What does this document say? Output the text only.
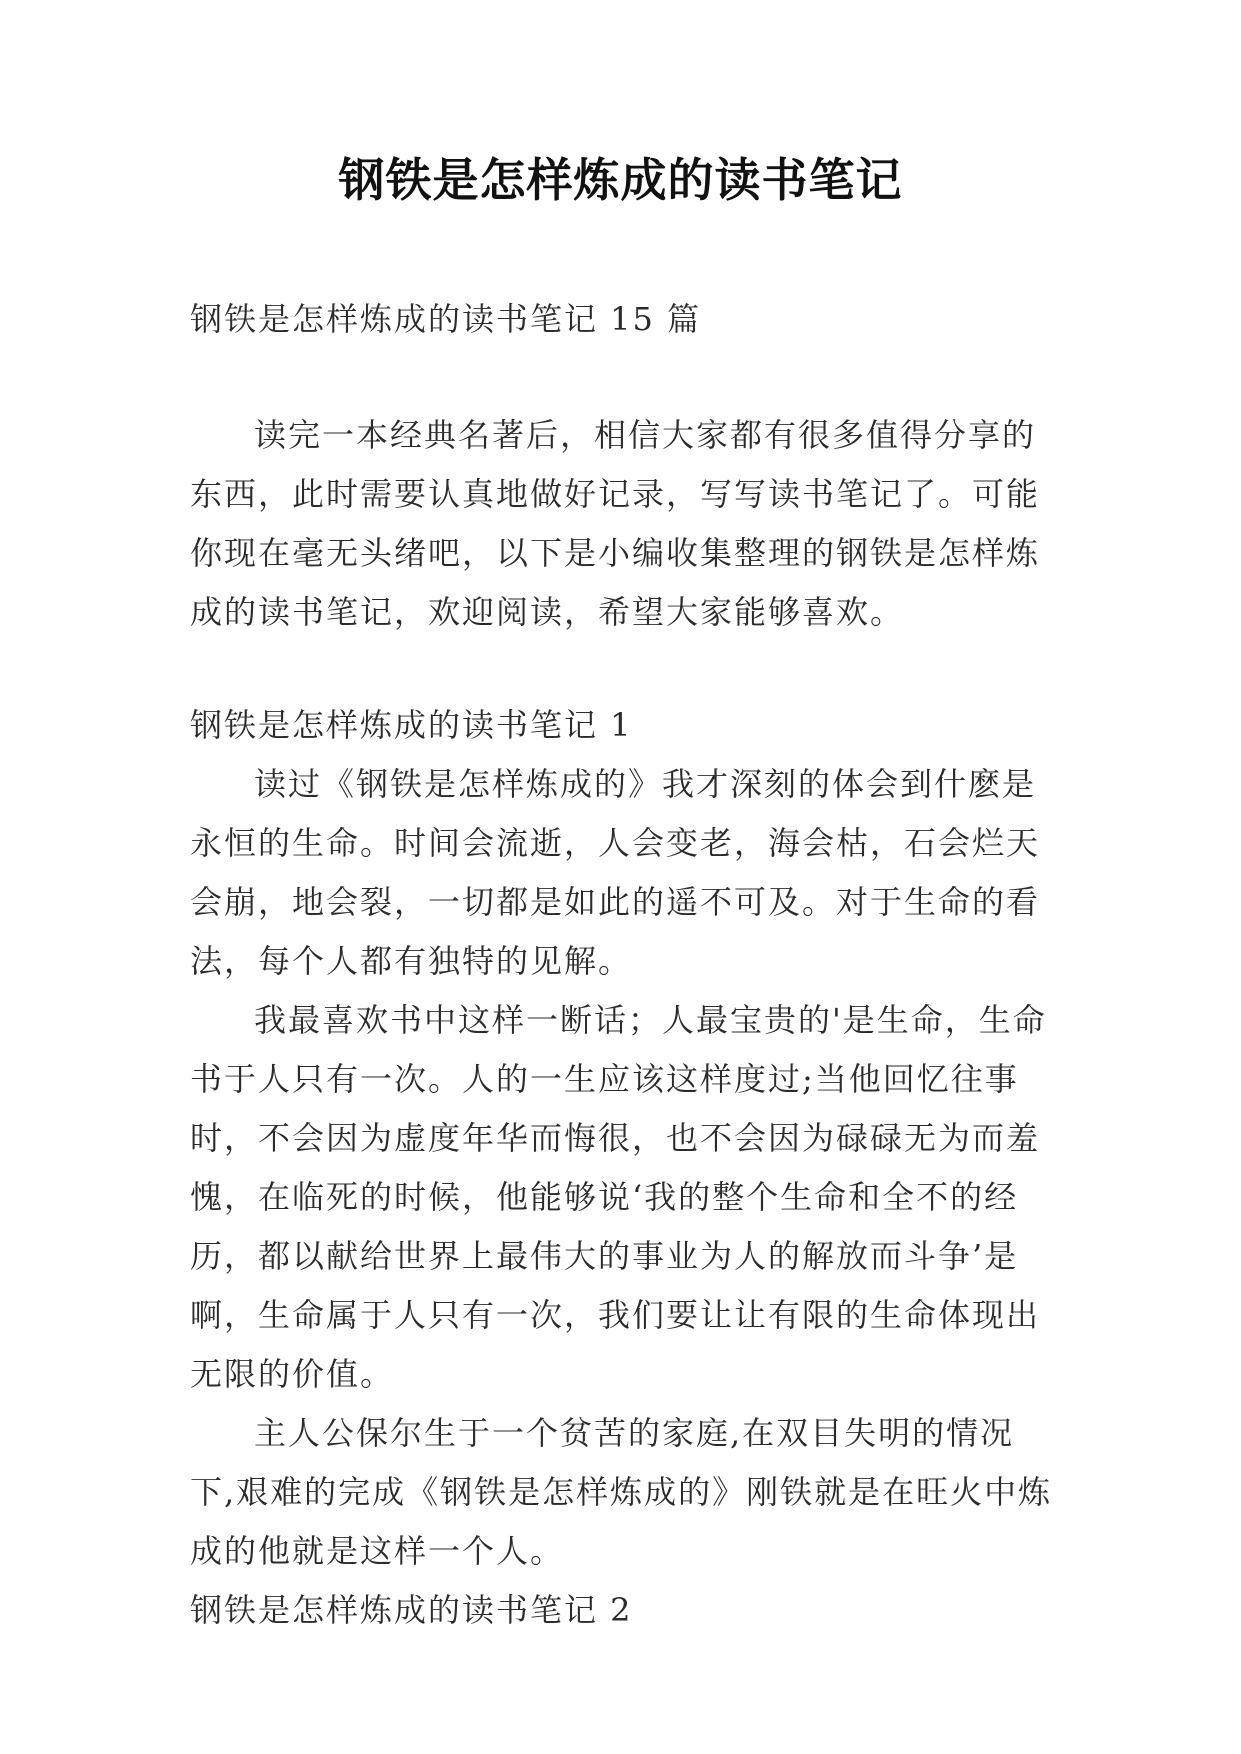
钢铁是怎样炼成的读书笔记

钢铁是怎样炼成的读书笔记 15 篇

读完一本经典名著后，相信大家都有很多值得分享的东西，此时需要认真地做好记录，写写读书笔记了。可能你现在毫无头绪吧，以下是小编收集整理的钢铁是怎样炼成的读书笔记，欢迎阅读，希望大家能够喜欢。

钢铁是怎样炼成的读书笔记 1

读过《钢铁是怎样炼成的》我才深刻的体会到什麽是永恒的生命。时间会流逝，人会变老，海会枯，石会烂天会崩，地会裂，一切都是如此的遥不可及。对于生命的看法，每个人都有独特的见解。

我最喜欢书中这样一断话；人最宝贵的'是生命，生命书于人只有一次。人的一生应该这样度过;当他回忆往事时，不会因为虚度年华而悔很，也不会因为碌碌无为而羞愧，在临死的时候，他能够说‘我的整个生命和全不的经历，都以献给世界上最伟大的事业为人的解放而斗争’是啊，生命属于人只有一次，我们要让让有限的生命体现出无限的价值。

主人公保尔生于一个贫苦的家庭,在双目失明的情况下,艰难的完成《钢铁是怎样炼成的》刚铁就是在旺火中炼成的他就是这样一个人。

钢铁是怎样炼成的读书笔记 2
